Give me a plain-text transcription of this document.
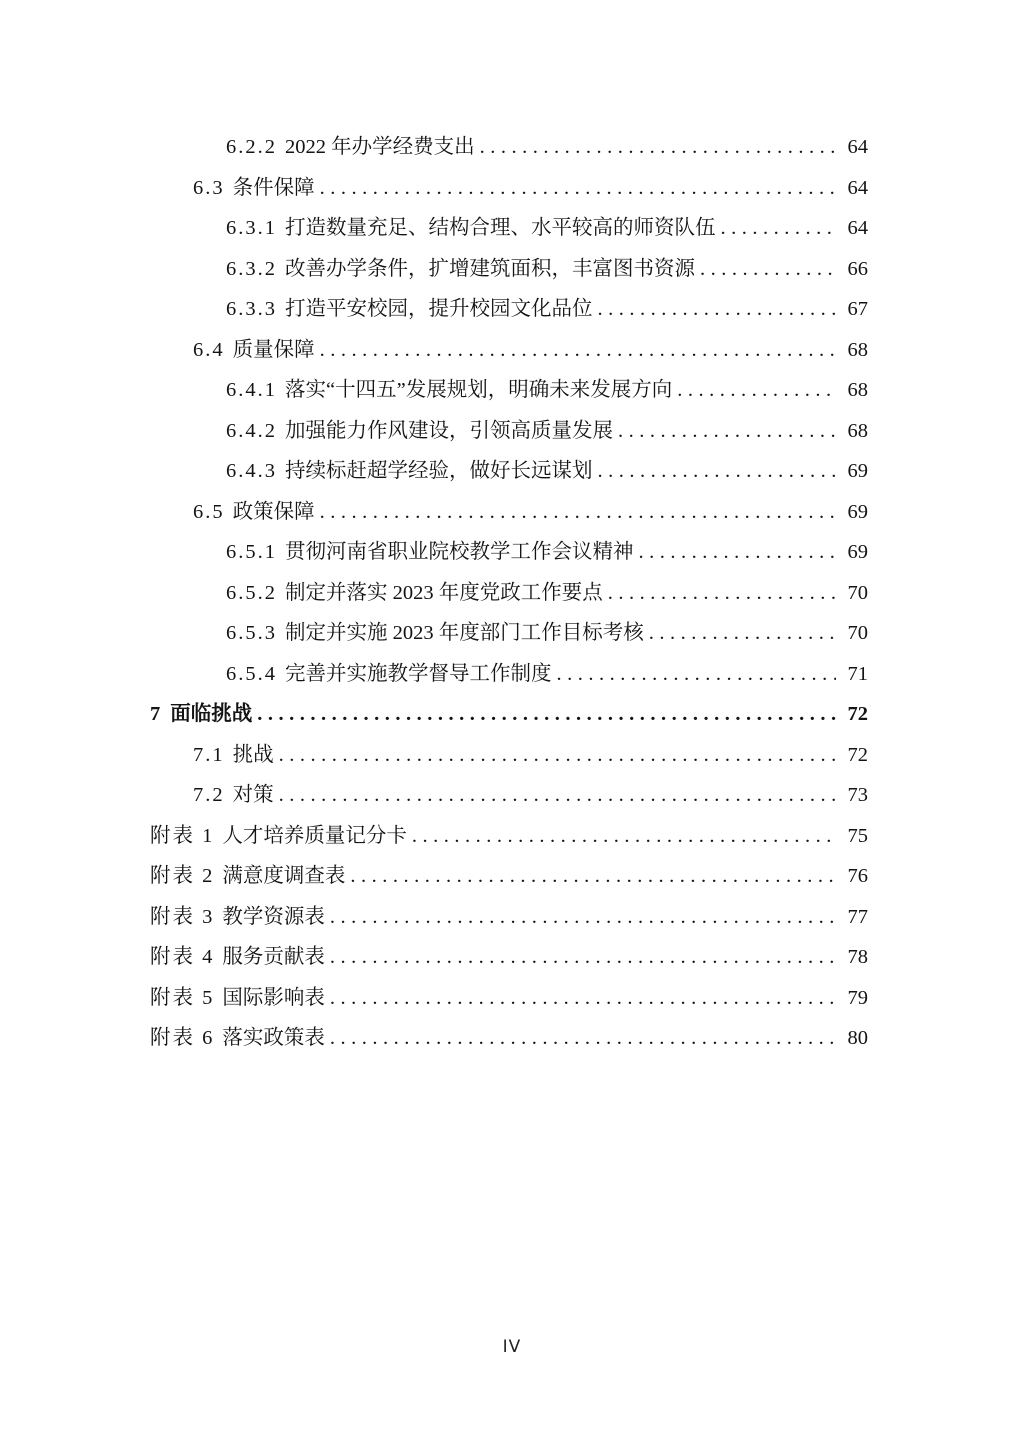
6.2.2 2022 年办学经费支出 .....	64
6.3 条件保障 .....	64
6.3.1 打造数量充足、结构合理、水平较高的师资队伍 .....	64
6.3.2 改善办学条件，扩增建筑面积，丰富图书资源 .....	66
6.3.3 打造平安校园，提升校园文化品位 .....	67
6.4 质量保障 .....	68
6.4.1 落实“十四五”发展规划，明确未来发展方向 .....	68
6.4.2 加强能力作风建设，引领高质量发展 .....	68
6.4.3 持续标赶超学经验，做好长远谋划 .....	69
6.5 政策保障 .....	69
6.5.1 贯彻河南省职业院校教学工作会议精神 .....	69
6.5.2 制定并落实 2023 年度党政工作要点 .....	70
6.5.3 制定并实施 2023 年度部门工作目标考核 .....	70
6.5.4 完善并实施教学督导工作制度 .....	71
7 面临挑战 .....	72
7.1 挑战 .....	72
7.2 对策 .....	73
附表 1 人才培养质量记分卡 .....	75
附表 2 满意度调查表 .....	76
附表 3 教学资源表 .....	77
附表 4 服务贡献表 .....	78
附表 5 国际影响表 .....	79
附表 6 落实政策表 .....	80
IV
